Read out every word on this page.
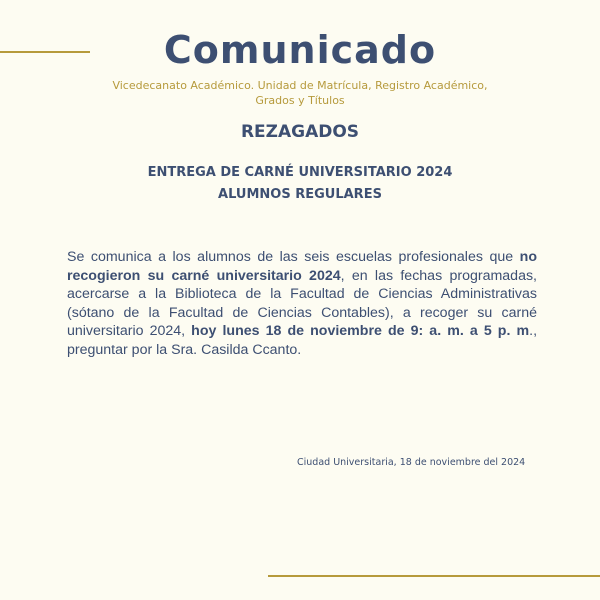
Comunicado
Vicedecanato Académico. Unidad de Matrícula, Registro Académico, Grados y Títulos
REZAGADOS
ENTREGA DE CARNÉ UNIVERSITARIO 2024
ALUMNOS REGULARES
Se comunica a los alumnos de las seis escuelas profesionales que no recogieron su carné universitario 2024, en las fechas programadas, acercarse a la Biblioteca de la Facultad de Ciencias Administrativas (sótano de la Facultad de Ciencias Contables), a recoger su carné universitario 2024, hoy lunes 18 de noviembre de 9: a. m. a 5 p. m., preguntar por la Sra. Casilda Ccanto.
Ciudad Universitaria, 18 de noviembre del 2024
